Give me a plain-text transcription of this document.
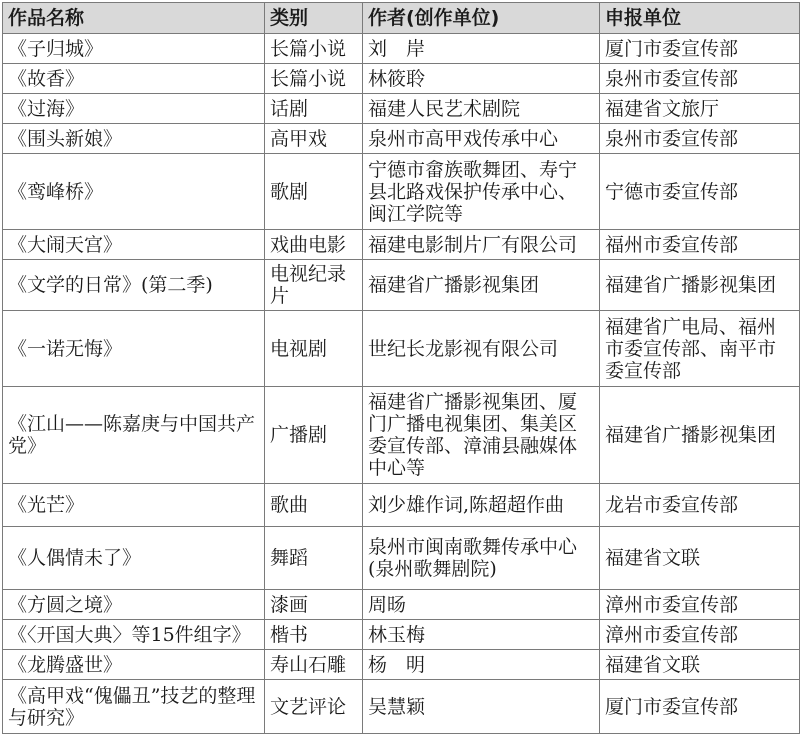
作品名称	类别	作者(创作单位)	申报单位
《子归城》	长篇小说	刘　岸	厦门市委宣传部
《故香》	长篇小说	林筱聆	泉州市委宣传部
《过海》	话剧	福建人民艺术剧院	福建省文旅厅
《围头新娘》	高甲戏	泉州市高甲戏传承中心	泉州市委宣传部
《鸾峰桥》	歌剧	宁德市畲族歌舞团、寿宁县北路戏保护传承中心、闽江学院等	宁德市委宣传部
《大闹天宫》	戏曲电影	福建电影制片厂有限公司	福州市委宣传部
《文学的日常》(第二季)	电视纪录片	福建省广播影视集团	福建省广播影视集团
《一诺无悔》	电视剧	世纪长龙影视有限公司	福建省广电局、福州市委宣传部、南平市委宣传部
《江山——陈嘉庚与中国共产党》	广播剧	福建省广播影视集团、厦门广播电视集团、集美区委宣传部、漳浦县融媒体中心等	福建省广播影视集团
《光芒》	歌曲	刘少雄作词,陈超超作曲	龙岩市委宣传部
《人偶情未了》	舞蹈	泉州市闽南歌舞传承中心(泉州歌舞剧院)	福建省文联
《方圆之境》	漆画	周旸	漳州市委宣传部
《〈开国大典〉等15件组字》	楷书	林玉梅	漳州市委宣传部
《龙腾盛世》	寿山石雕	杨　明	福建省文联
《高甲戏“傀儡丑”技艺的整理与研究》	文艺评论	吴慧颖	厦门市委宣传部
